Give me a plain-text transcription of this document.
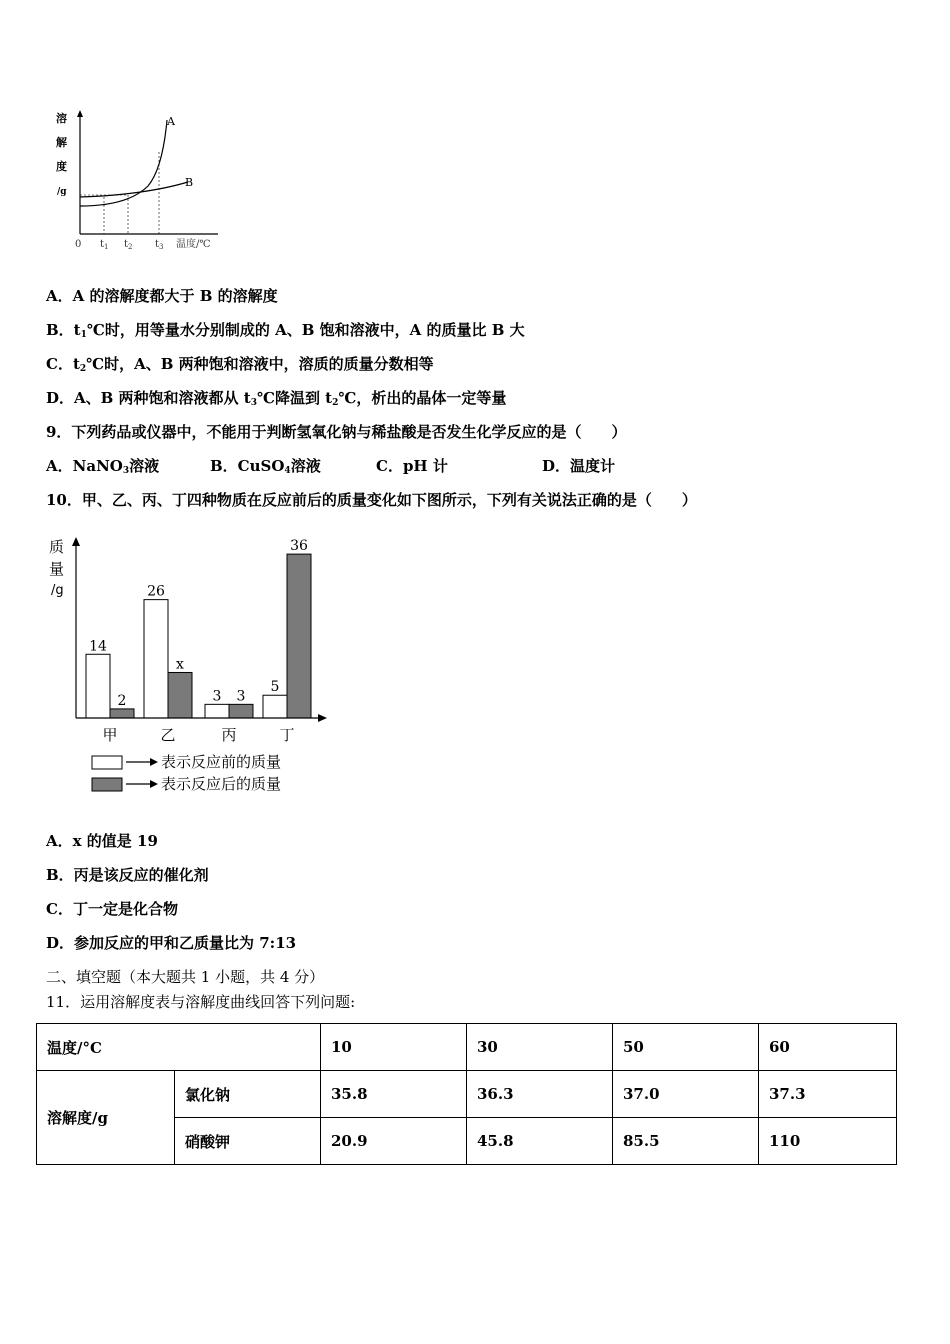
溶
解
度
/g
A
B
0 $t_1$ $t_2$ $t_3$ 温度/℃
A．A 的溶解度都大于 B 的溶解度
B．$t_1℃$时，用等量水分别制成的 A、B 饱和溶液中，A 的质量比 B 大
C．$t_2℃$时，A、B 两种饱和溶液中，溶质的质量分数相等
D．A、B 两种饱和溶液都从 $t_3℃$降温到 $t_2℃$，析出的晶体一定等量
9．下列药品或仪器中，不能用于判断氢氧化钠与稀盐酸是否发生化学反应的是（　　）
A．NaNO$_3$溶液	B．CuSO$_4$溶液	C．pH 计	D．温度计
10．甲、乙、丙、丁四种物质在反应前后的质量变化如下图所示，下列有关说法正确的是（　　）
14
2
26
x
3 3
5
36
质
量
/g
甲	乙	丙	丁
表示反应前的质量
表示反应后的质量
A．x 的值是 19
B．丙是该反应的催化剂
C．丁一定是化合物
D．参加反应的甲和乙质量比为 7:13
二、填空题（本大题共 1 小题，共 4 分）
11．运用溶解度表与溶解度曲线回答下列问题:
温度/°C		10	30	50	60
溶解度/g	氯化钠	35.8	36.3	37.0	37.3
	硝酸钾	20.9	45.8	85.5	110
